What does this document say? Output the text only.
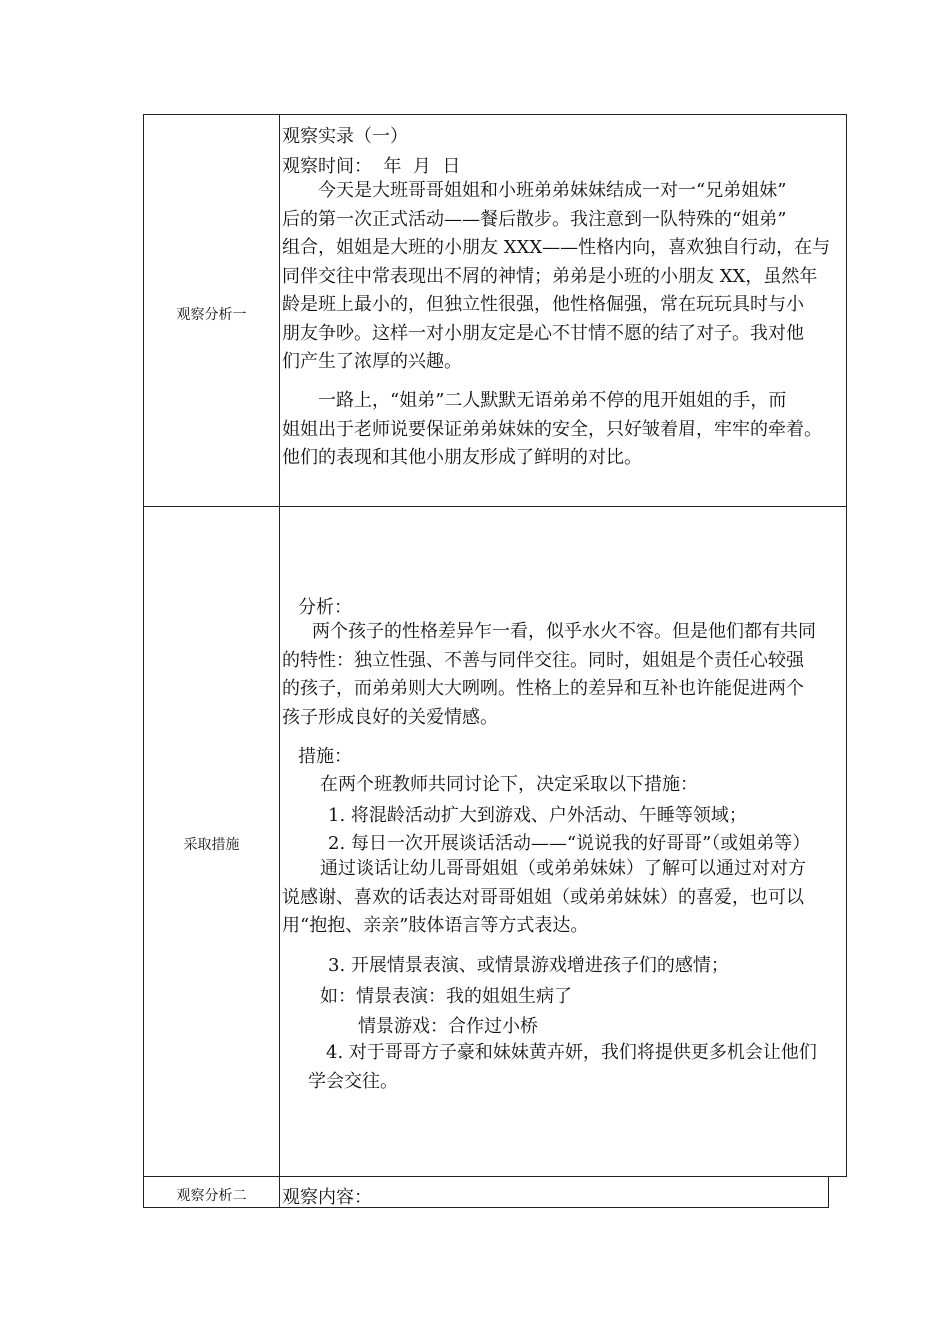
观察分析一
采取措施
观察分析二
观察实录（一）
观察时间：  年  月  日
今天是大班哥哥姐姐和小班弟弟妹妹结成一对一“兄弟姐妹”
后的第一次正式活动——餐后散步。我注意到一队特殊的“姐弟”
组合，姐姐是大班的小朋友 XXX——性格内向，喜欢独自行动，在与
同伴交往中常表现出不屑的神情；弟弟是小班的小朋友 XX，虽然年
龄是班上最小的，但独立性很强，他性格倔强，常在玩玩具时与小
朋友争吵。这样一对小朋友定是心不甘情不愿的结了对子。我对他
们产生了浓厚的兴趣。
一路上，“姐弟”二人默默无语弟弟不停的甩开姐姐的手，而
姐姐出于老师说要保证弟弟妹妹的安全，只好皱着眉，牢牢的牵着。
他们的表现和其他小朋友形成了鲜明的对比。
分析：
两个孩子的性格差异乍一看，似乎水火不容。但是他们都有共同
的特性：独立性强、不善与同伴交往。同时，姐姐是个责任心较强
的孩子，而弟弟则大大咧咧。性格上的差异和互补也许能促进两个
孩子形成良好的关爱情感。
措施：
在两个班教师共同讨论下，决定采取以下措施：
1. 将混龄活动扩大到游戏、户外活动、午睡等领域；
2. 每日一次开展谈话活动——“说说我的好哥哥”（或姐弟等）
通过谈话让幼儿哥哥姐姐（或弟弟妹妹）了解可以通过对对方
说感谢、喜欢的话表达对哥哥姐姐（或弟弟妹妹）的喜爱，也可以
用“抱抱、亲亲”肢体语言等方式表达。
3. 开展情景表演、或情景游戏增进孩子们的感情；
如：情景表演：我的姐姐生病了
情景游戏：合作过小桥
4. 对于哥哥方子豪和妹妹黄卉妍，我们将提供更多机会让他们
学会交往。
观察内容：
